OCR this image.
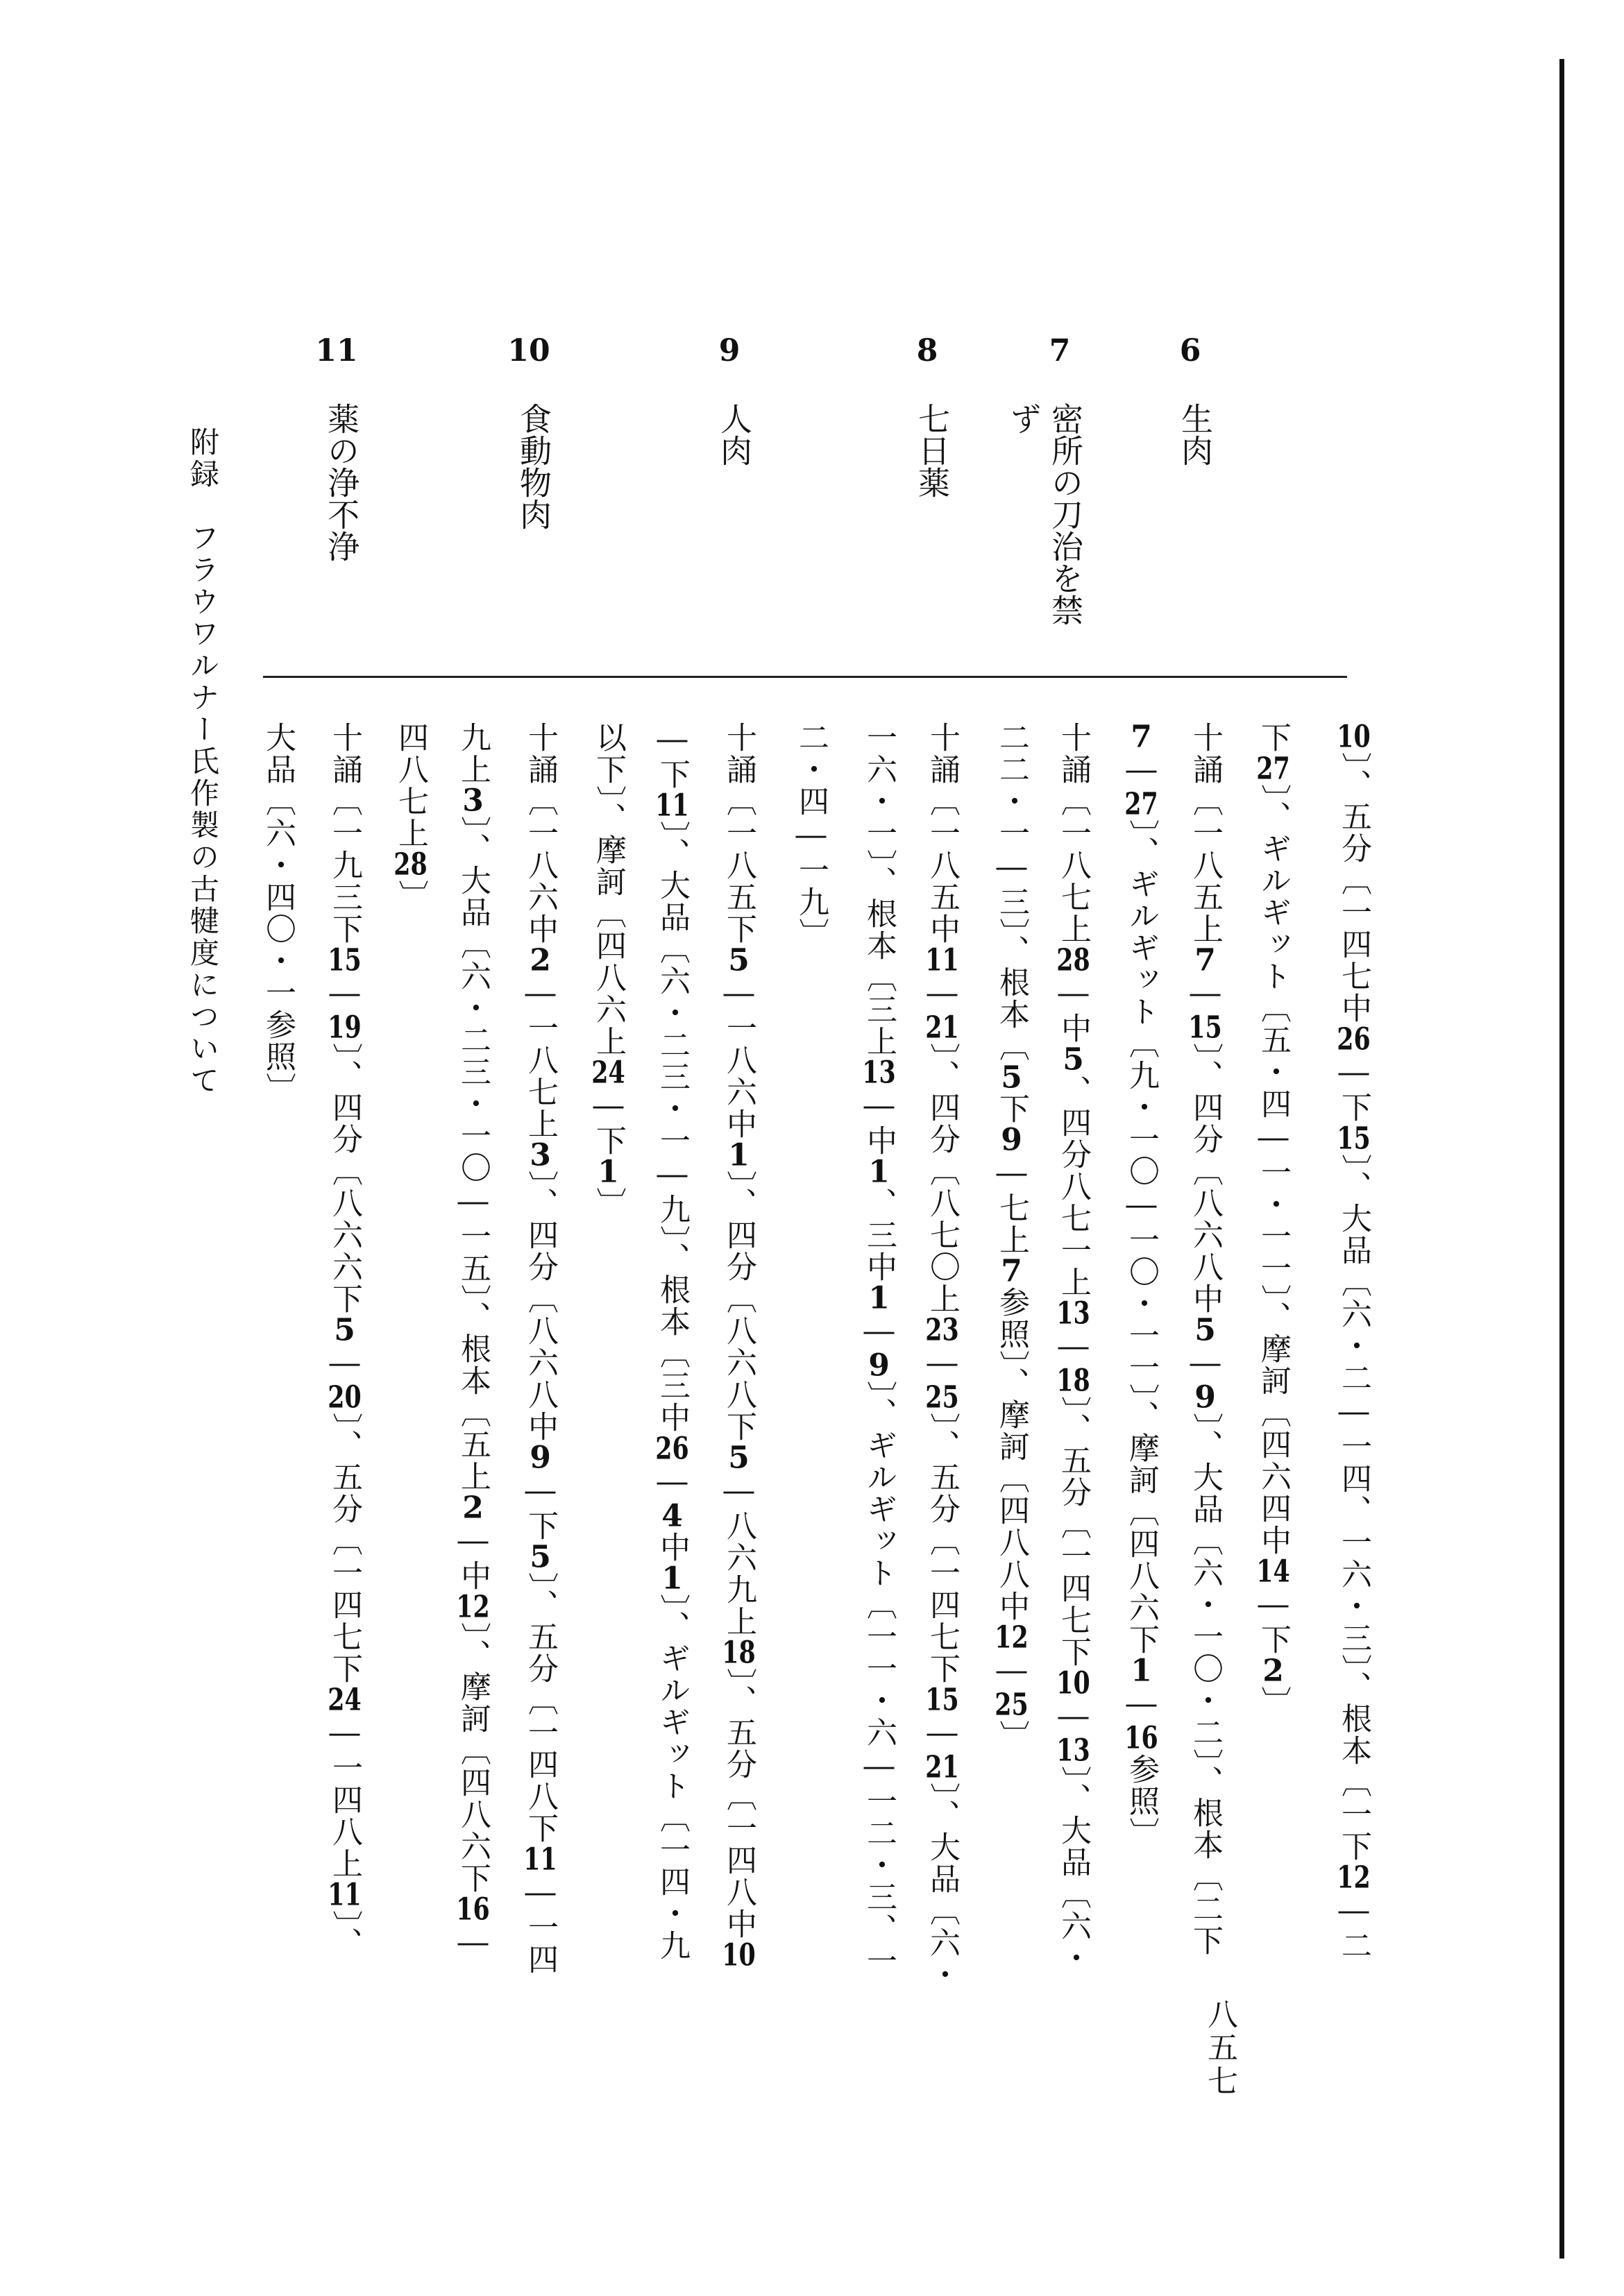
6
生肉
7
密所の刀治を禁ず
8
七日薬
9
人肉
10
食動物肉
11
薬の浄不浄
附録　フラウワルナー氏作製の古犍度について	10〕、五分〔一四七中26―下15〕、大品〔六・二―一四、一六・三〕、根本〔一下12―二
下27〕、ギルギット〔五・四―一・一一〕、摩訶〔四六四中14―下2〕
十誦〔一八五上7―15〕、四分〔八六八中5―9〕、大品〔六・一〇・二〕、根本〔二下
7―27〕、ギルギット〔九・一〇―一〇・一一〕、摩訶〔四八六下1―16参照〕
十誦〔一八七上28―中5、四分八七一上13―18〕、五分〔一四七下10―13〕、大品〔六・
二二・一―三〕、根本〔5下9―七上7参照〕、摩訶〔四八八中12―25〕
十誦〔一八五中11―21〕、四分〔八七〇上23―25〕、五分〔一四七下15―21〕、大品〔六・
一六・一〕、根本〔三上13―中1、三中1―9〕、ギルギット〔一一・六―一二・三、一
二・四―一九〕
十誦〔一八五下5―一八六中1〕、四分〔八六八下5―八六九上18〕、五分〔一四八中10
―下11〕、大品〔六・二三・一―九〕、根本〔三中26―4中1〕、ギルギット〔一四・九
以下〕、摩訶〔四八六上24―下1〕
十誦〔一八六中2―一八七上3〕、四分〔八六八中9―下5〕、五分〔一四八下11―一四
九上3〕、大品〔六・二三・一〇―一五〕、根本〔五上2―中12〕、摩訶〔四八六下16―
四八七上28〕
十誦〔一九三下15―19〕、四分〔八六六下5―20〕、五分〔一四七下24―一四八上11〕、
大品〔六・四〇・一参照〕
八五七
